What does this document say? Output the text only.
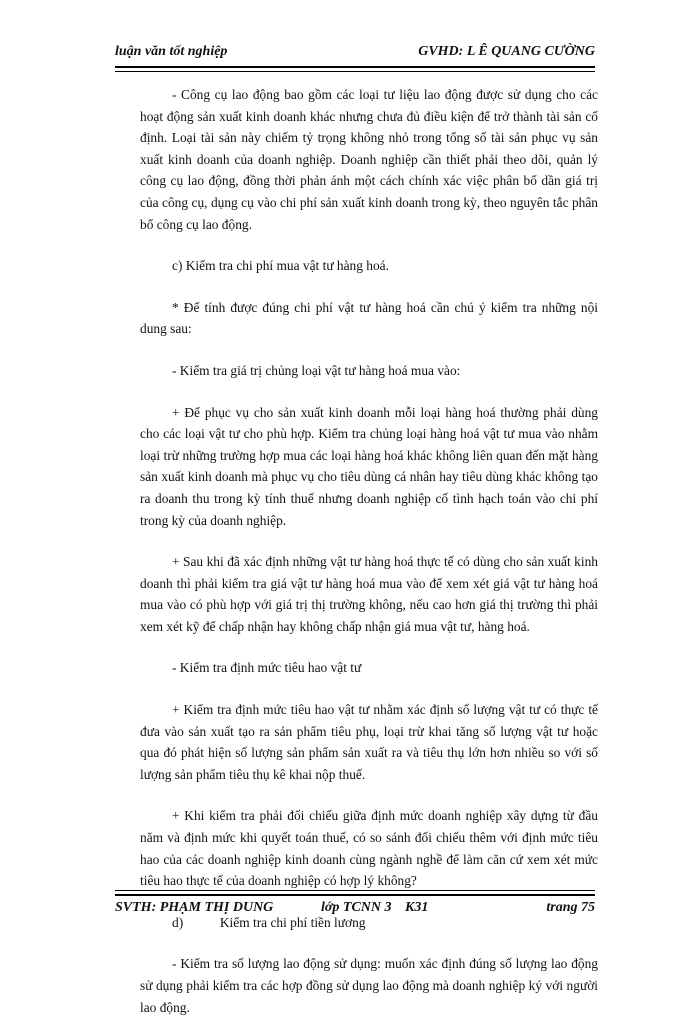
luận văn tốt nghiệp	GVHD: L Ê QUANG CƯỜNG

- Công cụ lao động bao gồm các loại tư liệu lao động được sử dụng cho các hoạt động sản xuất kinh doanh khác nhưng chưa đủ điều kiện để trở thành tài sản cố định. Loại tài sản này chiếm tỷ trọng không nhỏ trong tổng số tài sản phục vụ sản xuất kinh doanh của doanh nghiệp. Doanh nghiệp cần thiết phải theo dõi, quản lý công cụ lao động, đồng thời phản ánh một cách chính xác việc phân bổ dần giá trị của công cụ, dụng cụ vào chi phí sản xuất kinh doanh trong kỳ, theo nguyên tắc phân bổ công cụ lao động.

c) Kiểm tra chi phí mua vật tư hàng hoá.

* Để tính được đúng chi phí vật tư hàng hoá cần chú ý kiểm tra những nội dung sau:

- Kiểm tra giá trị chủng loại vật tư hàng hoá mua vào:

+ Để phục vụ cho sản xuất kinh doanh mỗi loại hàng hoá thường phải dùng cho các loại vật tư cho phù hợp. Kiểm tra chủng loại hàng hoá vật tư mua vào nhằm loại trừ những trường hợp mua các loại hàng hoá khác không liên quan đến mặt hàng sản xuất kinh doanh mà phục vụ cho tiêu dùng cá nhân hay tiêu dùng khác không tạo ra doanh thu trong kỳ tính thuế nhưng doanh nghiệp cố tình hạch toán vào chi phí trong kỳ của doanh nghiệp.

+ Sau khi đã xác định những vật tư hàng hoá thực tế có dùng cho sản xuất kinh doanh thì phải kiểm tra giá vật tư hàng hoá mua vào để xem xét giá vật tư hàng hoá mua vào có phù hợp với giá trị thị trường không, nếu cao hơn giá thị trường thì phải xem xét kỹ để chấp nhận hay không chấp nhận giá mua vật tư, hàng hoá.

- Kiểm tra định mức tiêu hao vật tư

+ Kiểm tra định mức tiêu hao vật tư nhằm xác định số lượng vật tư có thực tế đưa vào sản xuất tạo ra sản phẩm tiêu phụ, loại trừ khai tăng số lượng vật tư hoặc qua đó phát hiện số lượng sản phẩm sản xuất ra và tiêu thụ lớn hơn nhiều so với số lượng sản phẩm tiêu thụ kê khai nộp thuế.

+ Khi kiểm tra phải đối chiếu giữa định mức doanh nghiệp xây dựng từ đầu năm và định mức khi quyết toán thuế, có so sánh đối chiếu thêm với định mức tiêu hao của các doanh nghiệp kinh doanh cùng ngành nghề để làm căn cứ xem xét mức tiêu hao thực tế của doanh nghiệp có hợp lý không?

d)	Kiểm tra chi phí tiền lương

- Kiểm tra số lượng lao động sử dụng: muốn xác định đúng số lượng lao động sử dụng phải kiểm tra các hợp đồng sử dụng lao động mà doanh nghiệp ký với người lao động.

SVTH: PHẠM THỊ DUNG	lớp TCNN 3 K31	trang 75
